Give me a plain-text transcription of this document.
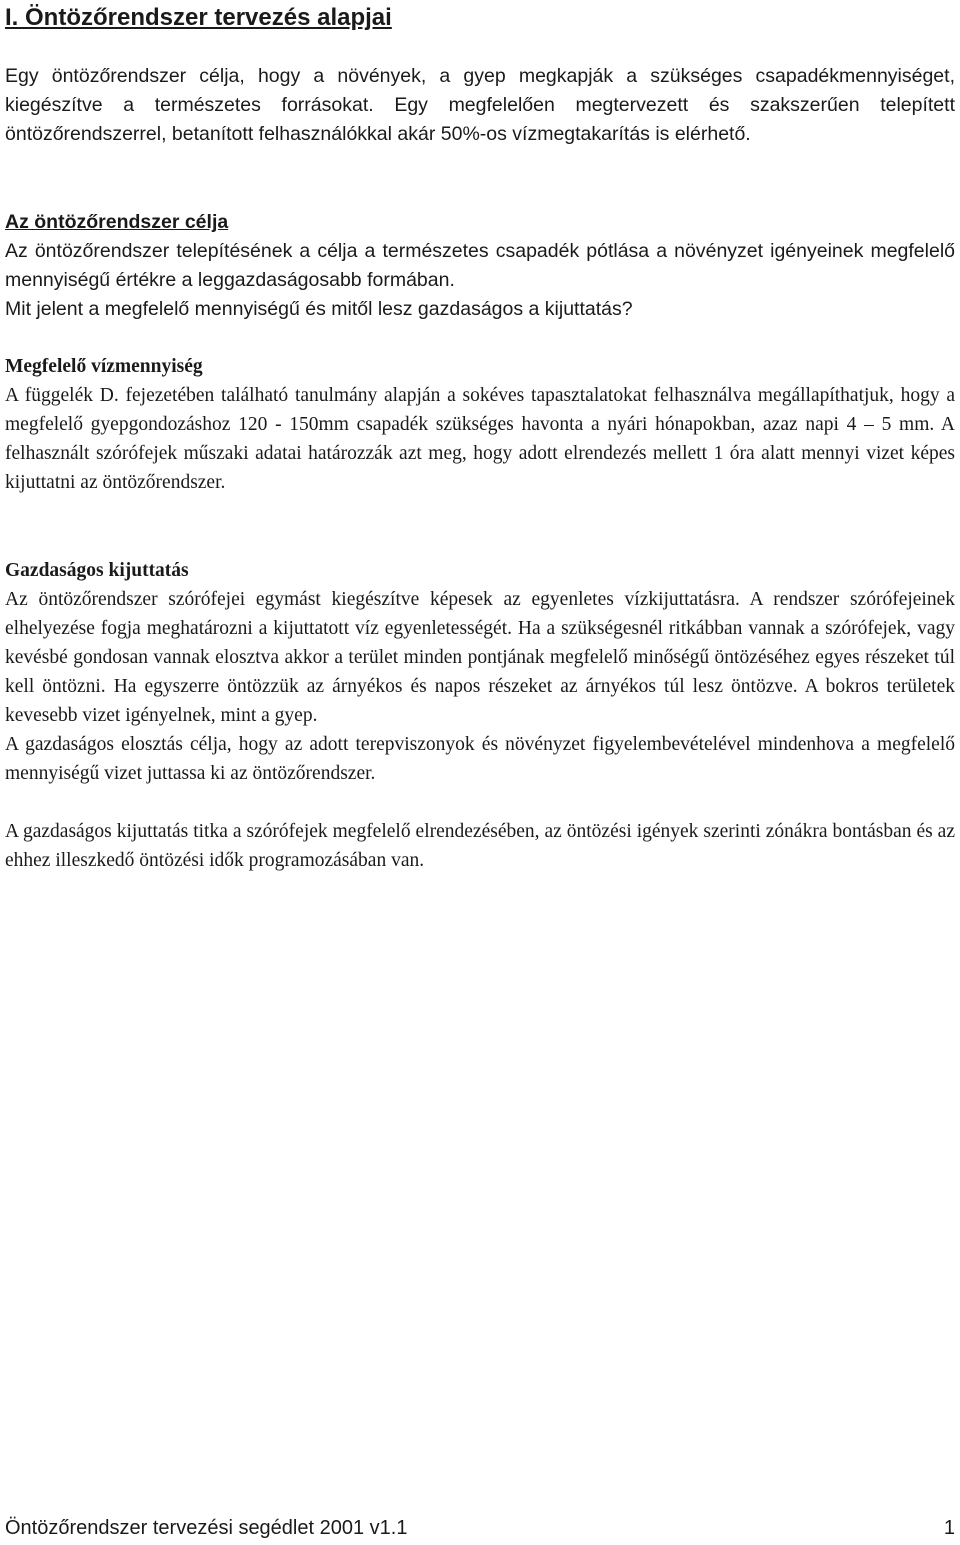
I. Öntözőrendszer tervezés alapjai

Egy öntözőrendszer célja, hogy a növények, a gyep megkapják a szükséges csapadékmennyiséget, kiegészítve a természetes forrásokat. Egy megfelelően megtervezett és szakszerűen telepített öntözőrendszerrel, betanított felhasználókkal akár 50%-os vízmegtakarítás is elérhető.

Az öntözőrendszer célja

Az öntözőrendszer telepítésének a célja a természetes csapadék pótlása a növényzet igényeinek megfelelő mennyiségű értékre a leggazdaságosabb formában.

Mit jelent a megfelelő mennyiségű és mitől lesz gazdaságos a kijuttatás?

Megfelelő vízmennyiség

A függelék D. fejezetében található tanulmány alapján a sokéves tapasztalatokat felhasználva megállapíthatjuk, hogy a megfelelő gyepgondozáshoz 120 - 150mm csapadék szükséges havonta a nyári hónapokban, azaz napi 4 – 5 mm. A felhasznált szórófejek műszaki adatai határozzák azt meg, hogy adott elrendezés mellett 1 óra alatt mennyi vizet képes kijuttatni az öntözőrendszer.

Gazdaságos kijuttatás

Az öntözőrendszer szórófejei egymást kiegészítve képesek az egyenletes vízkijuttatásra. A rendszer szórófejeinek elhelyezése fogja meghatározni a kijuttatott víz egyenletességét. Ha a szükségesnél ritkábban vannak a szórófejek, vagy kevésbé gondosan vannak elosztva akkor a terület minden pontjának megfelelő minőségű öntözéséhez egyes részeket túl kell öntözni. Ha egyszerre öntözzük az árnyékos és napos részeket az árnyékos túl lesz öntözve. A bokros területek kevesebb vizet igényelnek, mint a gyep.

A gazdaságos elosztás célja, hogy az adott terepviszonyok és növényzet figyelembevételével mindenhova a megfelelő mennyiségű vizet juttassa ki az öntözőrendszer.

A gazdaságos kijuttatás titka a szórófejek megfelelő elrendezésében, az öntözési igények szerinti zónákra bontásban és az ehhez illeszkedő öntözési idők programozásában van.

Öntözőrendszer tervezési segédlet 2001 v1.1	1
